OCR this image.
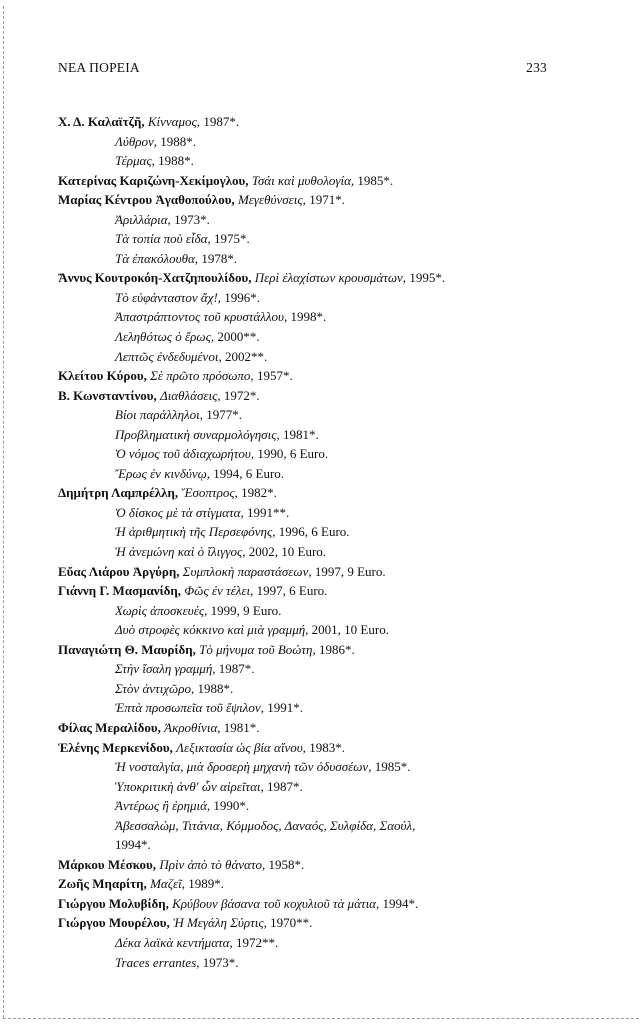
ΝΕΑ ΠΟΡΕΙΑ	233
Χ. Δ. Καλαϊτζῆ, Κίνναμος, 1987*.
Λύθρον, 1988*.
Τέρμας, 1988*.
Κατερίνας Καριζώνη-Χεκίμογλου, Τσάι καὶ μυθολογία, 1985*.
Μαρίας Κέντρου Ἀγαθοπούλου, Μεγεθύνσεις, 1971*.
Ἀριλλάρια, 1973*.
Τὰ τοπία ποὺ εἶδα, 1975*.
Τὰ ἐπακόλουθα, 1978*.
Ἄννυς Κουτροκόη-Χατζηπουλίδου, Περὶ ἐλαχίστων κρουσμάτων, 1995*.
Τὸ εὐφάνταστον ἄχ!, 1996*.
Ἀπαστράπτοντος τοῦ κρυστάλλου, 1998*.
Λεληθότως ὁ ἔρως, 2000**.
Λεπτῶς ἐνδεδυμένοι, 2002**.
Κλείτου Κύρου, Σὲ πρῶτο πρόσωπο, 1957*.
Β. Κωνσταντίνου, Διαθλάσεις, 1972*.
Βίοι παράλληλοι, 1977*.
Προβληματικὴ συναρμολόγησις, 1981*.
Ὁ νόμος τοῦ ἀδιαχωρήτου, 1990, 6 Euro.
Ἔρως ἐν κινδύνῳ, 1994, 6 Euro.
Δημήτρη Λαμπρέλλη, Ἔσοπτρος, 1982*.
Ὁ δίσκος μὲ τὰ στίγματα, 1991**.
Ἡ ἀριθμητικὴ τῆς Περσεφόνης, 1996, 6 Euro.
Ἡ ἀνεμώνη καὶ ὁ ἴλιγγος, 2002, 10 Euro.
Εὔας Λιάρου Ἀργύρη, Συμπλοκὴ παραστάσεων, 1997, 9 Euro.
Γιάννη Γ. Μασμανίδη, Φῶς ἐν τέλει, 1997, 6 Euro.
Χωρὶς ἀποσκευές, 1999, 9 Euro.
Δυὸ στροφὲς κόκκινο καὶ μιὰ γραμμή, 2001, 10 Euro.
Παναγιώτη Θ. Μαυρίδη, Τὸ μήνυμα τοῦ Βοώτη, 1986*.
Στὴν ἴσαλη γραμμή, 1987*.
Στὸν ἀντιχῶρο, 1988*.
Ἑπτὰ προσωπεῖα τοῦ ἔψιλον, 1991*.
Φίλας Μεραλίδου, Ἀκροθίνια, 1981*.
Ἑλένης Μερκενίδου, Λεξικτασία ὡς βία αἴνου, 1983*.
Ἡ νοσταλγία, μιὰ δροσερὴ μηχανὴ τῶν ὀδυσσέων, 1985*.
Ὑποκριτικὴ ἀνθ' ὧν αἱρεῖται, 1987*.
Ἀντέρως ἢ ἐρημιά, 1990*.
Ἀβεσσαλώμ, Τιτάνια, Κόμμοδος, Δαναός, Συλφίδα, Σαούλ,
1994*.
Μάρκου Μέσκου, Πρὶν ἀπὸ τὸ θάνατο, 1958*.
Ζωῆς Μηαρίτη, Μαζεῖ, 1989*.
Γιώργου Μολυβίδη, Κρύβουν βάσανα τοῦ κοχυλιοῦ τὰ μάτια, 1994*.
Γιώργου Μουρέλου, Ἡ Μεγάλη Σύρτις, 1970**.
Δέκα λαϊκὰ κεντήματα, 1972**.
Traces errantes, 1973*.
